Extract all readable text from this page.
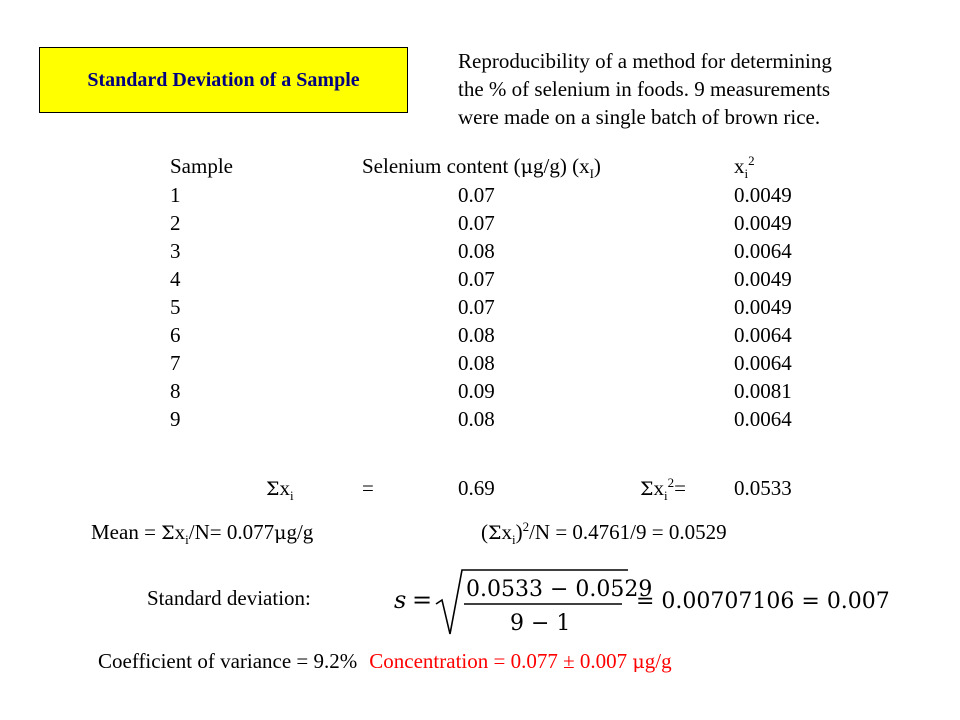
Standard Deviation of a Sample
Reproducibility of a method for determining
the % of selenium in foods. 9 measurements
were made on a single batch of brown rice.
Sample	Selenium content (μg/g) $(x_I)$	$x_i^2$
1	0.07	0.0049
2	0.07	0.0049
3	0.08	0.0064
4	0.07	0.0049
5	0.07	0.0049
6	0.08	0.0064
7	0.08	0.0064
8	0.09	0.0081
9	0.08	0.0064
$\Sigma x_i$	=	0.69	$\Sigma x_i^2= 0.0533$
Mean = $\Sigma x_i/N= 0.077\mu g/g$	$(\Sigma x_i)^2/N = 0.4761/9 = 0.0529$
Standard deviation:	s = 0.0533 − 0.0529
9 − 1
= 0.00707106 = 0.007
Coefficient of variance = 9.2% Concentration = 0.077 ± 0.007 μg/g
